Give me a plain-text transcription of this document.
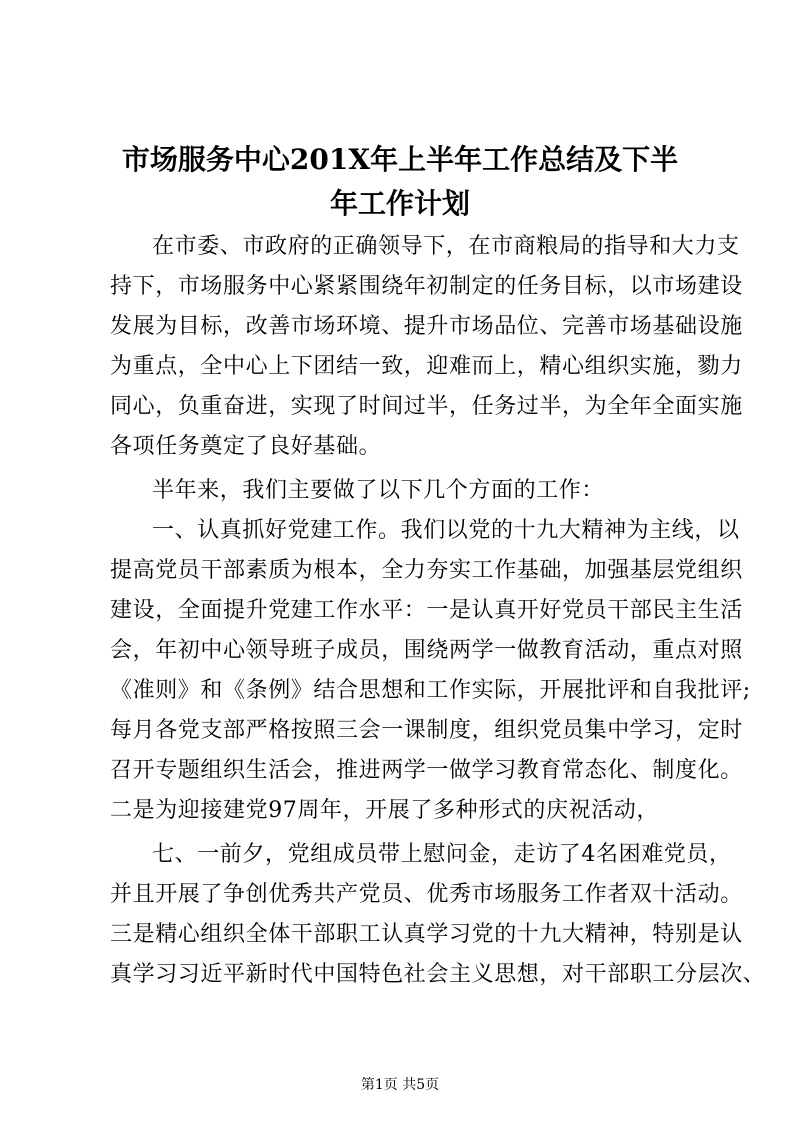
市场服务中心201X年上半年工作总结及下半
年工作计划
在市委、市政府的正确领导下，在市商粮局的指导和大力支
持下，市场服务中心紧紧围绕年初制定的任务目标，以市场建设
发展为目标，改善市场环境、提升市场品位、完善市场基础设施
为重点，全中心上下团结一致，迎难而上，精心组织实施，勠力
同心，负重奋进，实现了时间过半，任务过半，为全年全面实施
各项任务奠定了良好基础。
半年来，我们主要做了以下几个方面的工作：
一、认真抓好党建工作。我们以党的十九大精神为主线，以
提高党员干部素质为根本，全力夯实工作基础，加强基层党组织
建设，全面提升党建工作水平：一是认真开好党员干部民主生活
会，年初中心领导班子成员，围绕两学一做教育活动，重点对照
《准则》和《条例》结合思想和工作实际，开展批评和自我批评;
每月各党支部严格按照三会一课制度，组织党员集中学习，定时
召开专题组织生活会，推进两学一做学习教育常态化、制度化。
二是为迎接建党97周年，开展了多种形式的庆祝活动，
七、一前夕，党组成员带上慰问金，走访了4名困难党员，
并且开展了争创优秀共产党员、优秀市场服务工作者双十活动。
三是精心组织全体干部职工认真学习党的十九大精神，特别是认
真学习习近平新时代中国特色社会主义思想，对干部职工分层次、
第1页 共5页
